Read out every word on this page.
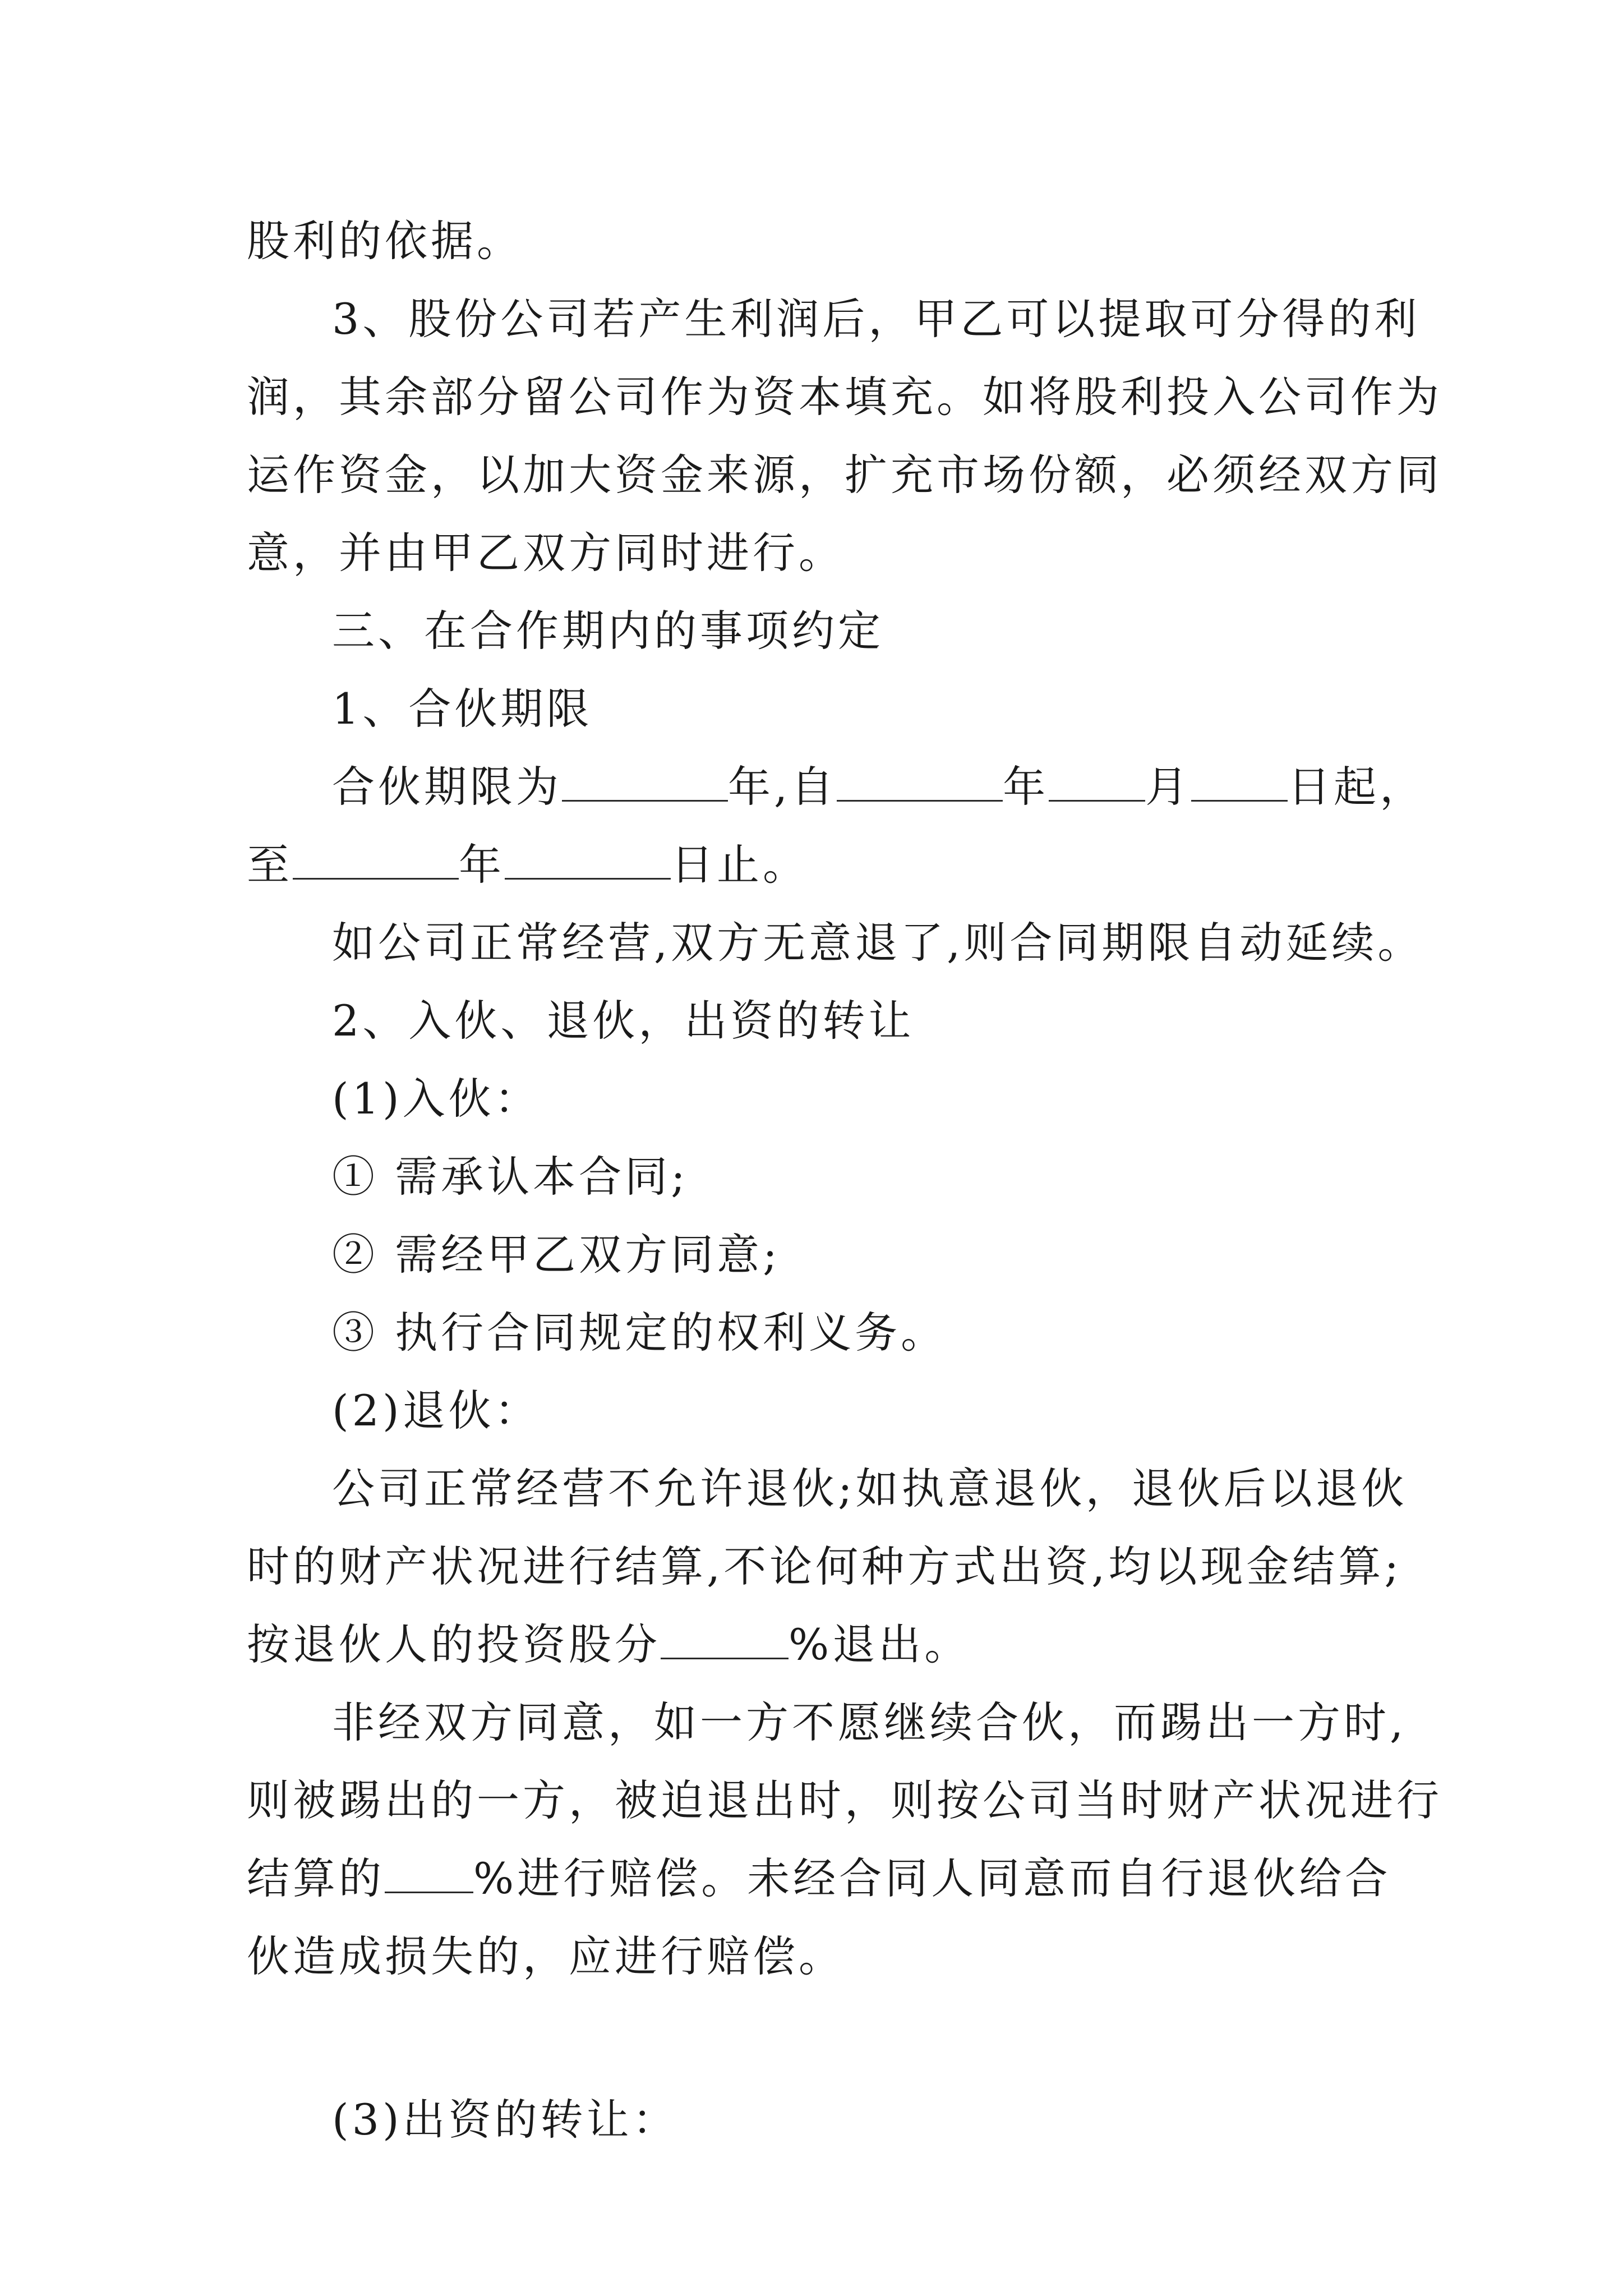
股利的依据。
3、股份公司若产生利润后，甲乙可以提取可分得的利
润，其余部分留公司作为资本填充。如将股利投入公司作为
运作资金，以加大资金来源，扩充市场份额，必须经双方同
意，并由甲乙双方同时进行。
三、在合作期内的事项约定
1、合伙期限
合伙期限为	年,自	年 月 日起，
至	年	日止。
如公司正常经营,双方无意退了,则合同期限自动延续。
2、入伙、退伙，出资的转让
(1)入伙：
① 需承认本合同;
② 需经甲乙双方同意;
③ 执行合同规定的权利义务。
(2)退伙：
公司正常经营不允许退伙;如执意退伙，退伙后以退伙
时的财产状况进行结算,不论何种方式出资,均以现金结算;
按退伙人的投资股分	%退出。
非经双方同意，如一方不愿继续合伙，而踢出一方时,
则被踢出的一方，被迫退出时，则按公司当时财产状况进行
结算的 %进行赔偿。未经合同人同意而自行退伙给合
伙造成损失的，应进行赔偿。
(3)出资的转让：
